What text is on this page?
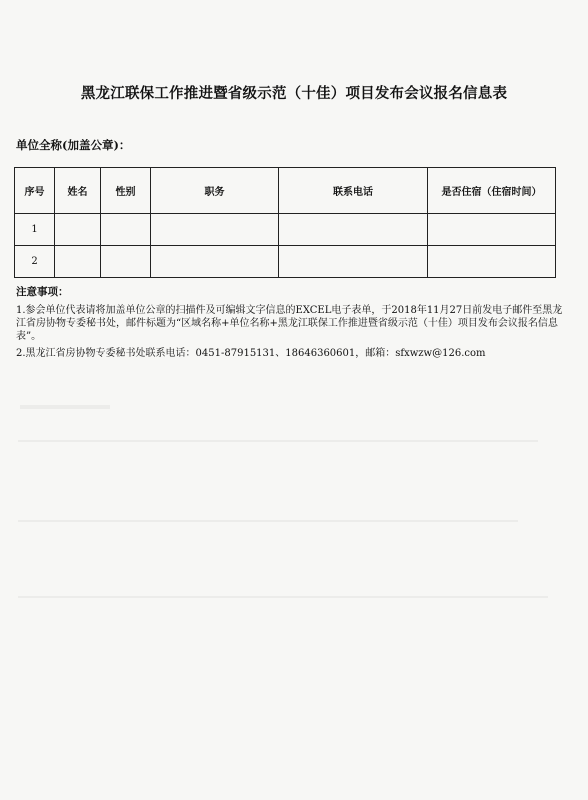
黑龙江联保工作推进暨省级示范（十佳）项目发布会议报名信息表
单位全称(加盖公章)：
序号	姓名	性别	职务	联系电话	是否住宿（住宿时间）
1					
2					
注意事项：

1.参会单位代表请将加盖单位公章的扫描件及可编辑文字信息的EXCEL电子表单，于2018年11月27日前发电子邮件至黑龙江省房协物专委秘书处，邮件标题为“区域名称+单位名称+黑龙江联保工作推进暨省级示范（十佳）项目发布会议报名信息表”。

2.黑龙江省房协物专委秘书处联系电话：0451-87915131、18646360601，邮箱：sfxwzw@126.com
